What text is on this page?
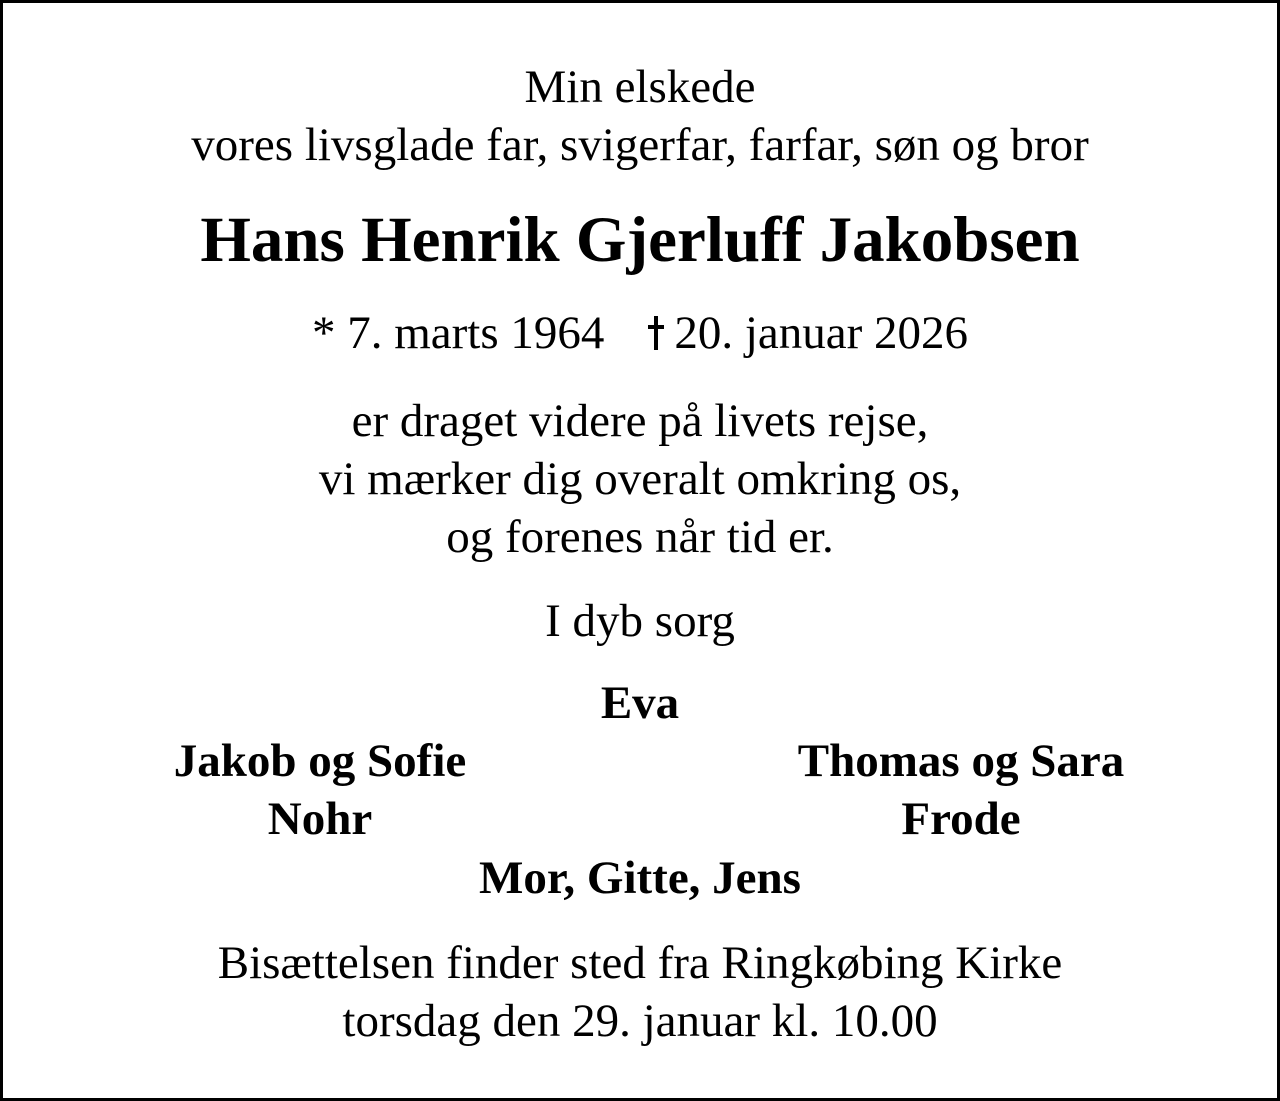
Min elskede
vores livsglade far, svigerfar, farfar, søn og bror
Hans Henrik Gjerluff Jakobsen
* 7. marts 1964 20. januar 2026
er draget videre på livets rejse,
vi mærker dig overalt omkring os,
og forenes når tid er.
I dyb sorg
Eva
Jakob og Sofie
Nohr
Thomas og Sara
Frode
Mor, Gitte, Jens
Bisættelsen finder sted fra Ringkøbing Kirke
torsdag den 29. januar kl. 10.00
